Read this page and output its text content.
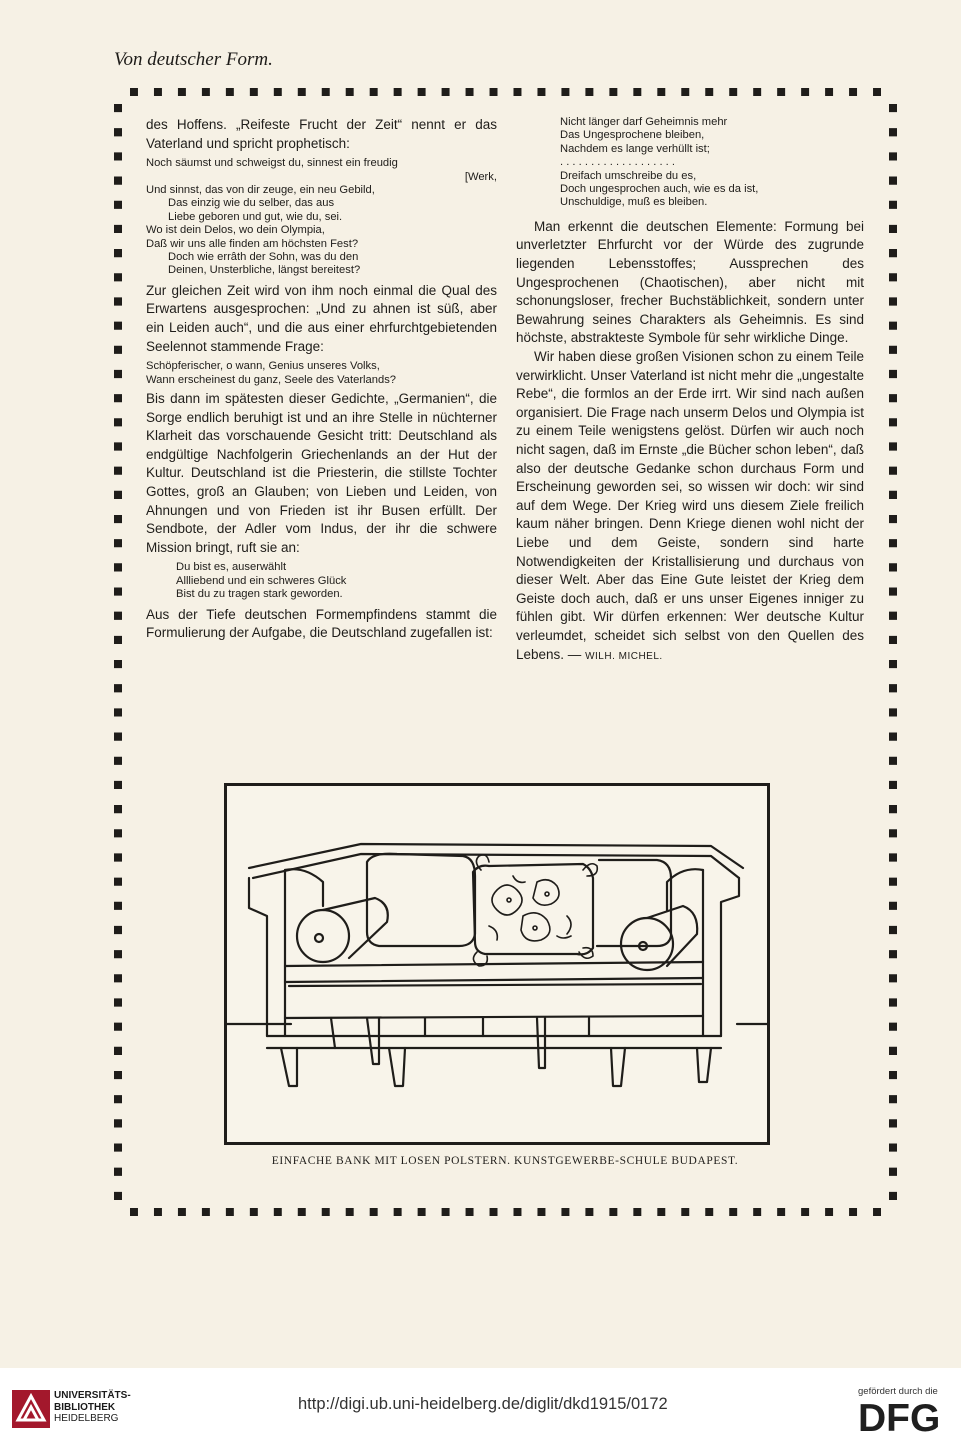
Von deutscher Form.

des Hoffens. „Reifeste Frucht der Zeit“ nennt er das Vaterland und spricht prophetisch:

Noch säumst und schweigst du, sinnest ein freudig
[Werk,
Und sinnst, das von dir zeuge, ein neu Gebild,
Das einzig wie du selber, das aus
Liebe geboren und gut, wie du, sei.
Wo ist dein Delos, wo dein Olympia,
Daß wir uns alle finden am höchsten Fest?
Doch wie errâth der Sohn, was du den
Deinen, Unsterbliche, längst bereitest?

Zur gleichen Zeit wird von ihm noch einmal die Qual des Erwartens ausgesprochen: „Und zu ahnen ist süß, aber ein Leiden auch“, und die aus einer ehrfurchtgebietenden Seelennot stammende Frage:

Schöpferischer, o wann, Genius unseres Volks,
Wann erscheinest du ganz, Seele des Vaterlands?

Bis dann im spätesten dieser Gedichte, „Germanien“, die Sorge endlich beruhigt ist und an ihre Stelle in nüchterner Klarheit das vorschauende Gesicht tritt: Deutschland als endgültige Nachfolgerin Griechenlands an der Hut der Kultur. Deutschland ist die Priesterin, die stillste Tochter Gottes, groß an Glauben; von Lieben und Leiden, von Ahnungen und von Frieden ist ihr Busen erfüllt. Der Sendbote, der Adler vom Indus, der ihr die schwere Mission bringt, ruft sie an:

Du bist es, auserwählt
Allliebend und ein schweres Glück
Bist du zu tragen stark geworden.

Aus der Tiefe deutschen Formempfindens stammt die Formulierung der Aufgabe, die Deutschland zugefallen ist:

Nicht länger darf Geheimnis mehr
Das Ungesprochene bleiben,
Nachdem es lange verhüllt ist;
. . . . . . . . . . . . . . . . . . .
Dreifach umschreibe du es,
Doch ungesprochen auch, wie es da ist,
Unschuldige, muß es bleiben.

Man erkennt die deutschen Elemente: Formung bei unverletzter Ehrfurcht vor der Würde des zugrunde liegenden Lebensstoffes; Aussprechen des Ungesprochenen (Chaotischen), aber nicht mit schonungsloser, frecher Buchstäblichkeit, sondern unter Bewahrung seines Charakters als Geheimnis. Es sind höchste, abstrakteste Symbole für sehr wirkliche Dinge.

Wir haben diese großen Visionen schon zu einem Teile verwirklicht. Unser Vaterland ist nicht mehr die „ungestalte Rebe“, die formlos an der Erde irrt. Wir sind nach außen organisiert. Die Frage nach unserm Delos und Olympia ist zu einem Teile wenigstens gelöst. Dürfen wir auch noch nicht sagen, daß im Ernste „die Bücher schon leben“, daß also der deutsche Gedanke schon durchaus Form und Erscheinung geworden sei, so wissen wir doch: wir sind auf dem Wege. Der Krieg wird uns diesem Ziele freilich kaum näher bringen. Denn Kriege dienen wohl nicht der Liebe und dem Geiste, sondern sind harte Notwendigkeiten der Kristallisierung und durchaus von dieser Welt. Aber das Eine Gute leistet der Krieg dem Geiste doch auch, daß er uns unser Eigenes inniger zu fühlen gibt. Wir dürfen erkennen: Wer deutsche Kultur verleumdet, scheidet sich selbst von den Quellen des Lebens. — WILH. MICHEL.

EINFACHE BANK MIT LOSEN POLSTERN. KUNSTGEWERBE-SCHULE BUDAPEST.
UNIVERSITÄTS-
BIBLIOTHEK
HEIDELBERG
http://digi.ub.uni-heidelberg.de/diglit/dkd1915/0172
gefördert durch die
DFG
